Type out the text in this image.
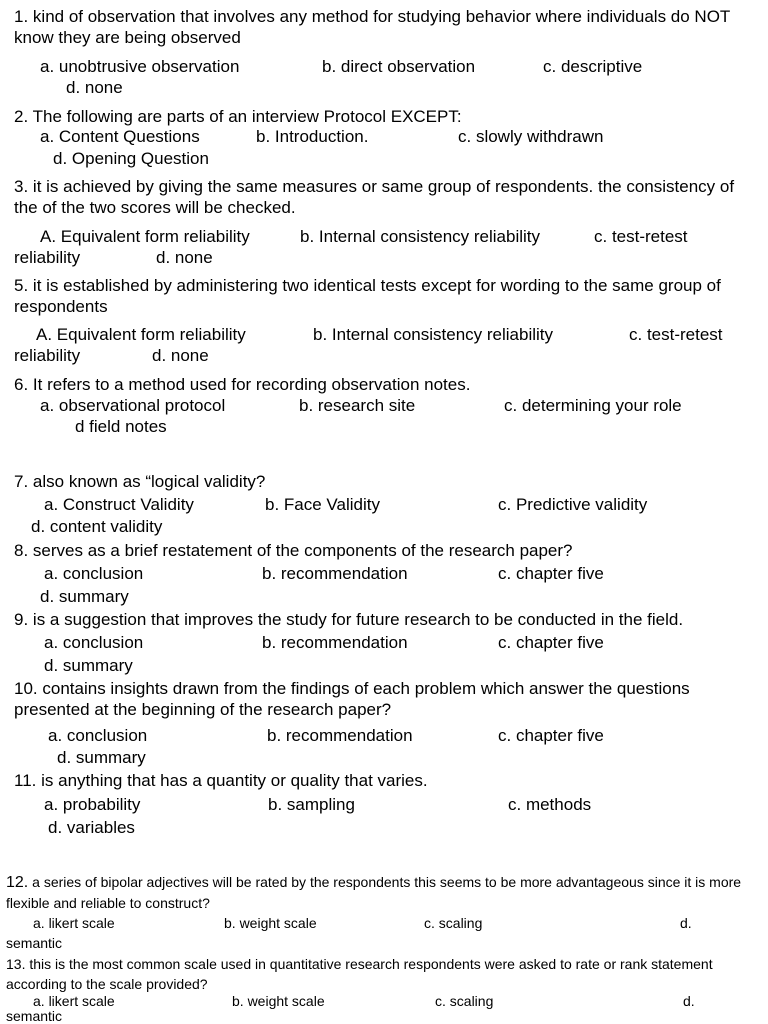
1. kind of observation that involves any method for studying behavior where individuals do NOT know they are being observed
a. unobtrusive observation	b. direct observation	c. descriptive
d. none
2. The following are parts of an interview Protocol EXCEPT:
a. Content Questions	b. Introduction.	c. slowly withdrawn
d. Opening Question
3. it is achieved by giving the same measures or same group of respondents. the consistency of the of the two scores will be checked.
A. Equivalent form reliability	b. Internal consistency reliability	c. test-retest
reliability	d. none
5. it is established by administering two identical tests except for wording to the same group of respondents
A. Equivalent form reliability	b. Internal consistency reliability	c. test-retest
reliability	d. none
6. It refers to a method used for recording observation notes.
a. observational protocol	b. research site	c. determining your role
d field notes
7. also known as “logical validity?
a. Construct Validity	b. Face Validity	c. Predictive validity
d. content validity
8. serves as a brief restatement of the components of the research paper?
a. conclusion	b. recommendation	c. chapter five
d. summary
9. is a suggestion that improves the study for future research to be conducted in the field.
a. conclusion	b. recommendation	c. chapter five
d. summary
10. contains insights drawn from the findings of each problem which answer the questions presented at the beginning of the research paper?
a. conclusion	b. recommendation	c. chapter five
d. summary
11. is anything that has a quantity or quality that varies.
a. probability	b. sampling	c. methods
d. variables
12. a series of bipolar adjectives will be rated by the respondents this seems to be more advantageous since it is more flexible and reliable to construct?
a. likert scale	b. weight scale	c. scaling	d.
semantic
13. this is the most common scale used in quantitative research respondents were asked to rate or rank statement according to the scale provided?
a. likert scale	b. weight scale	c. scaling	d.
semantic
